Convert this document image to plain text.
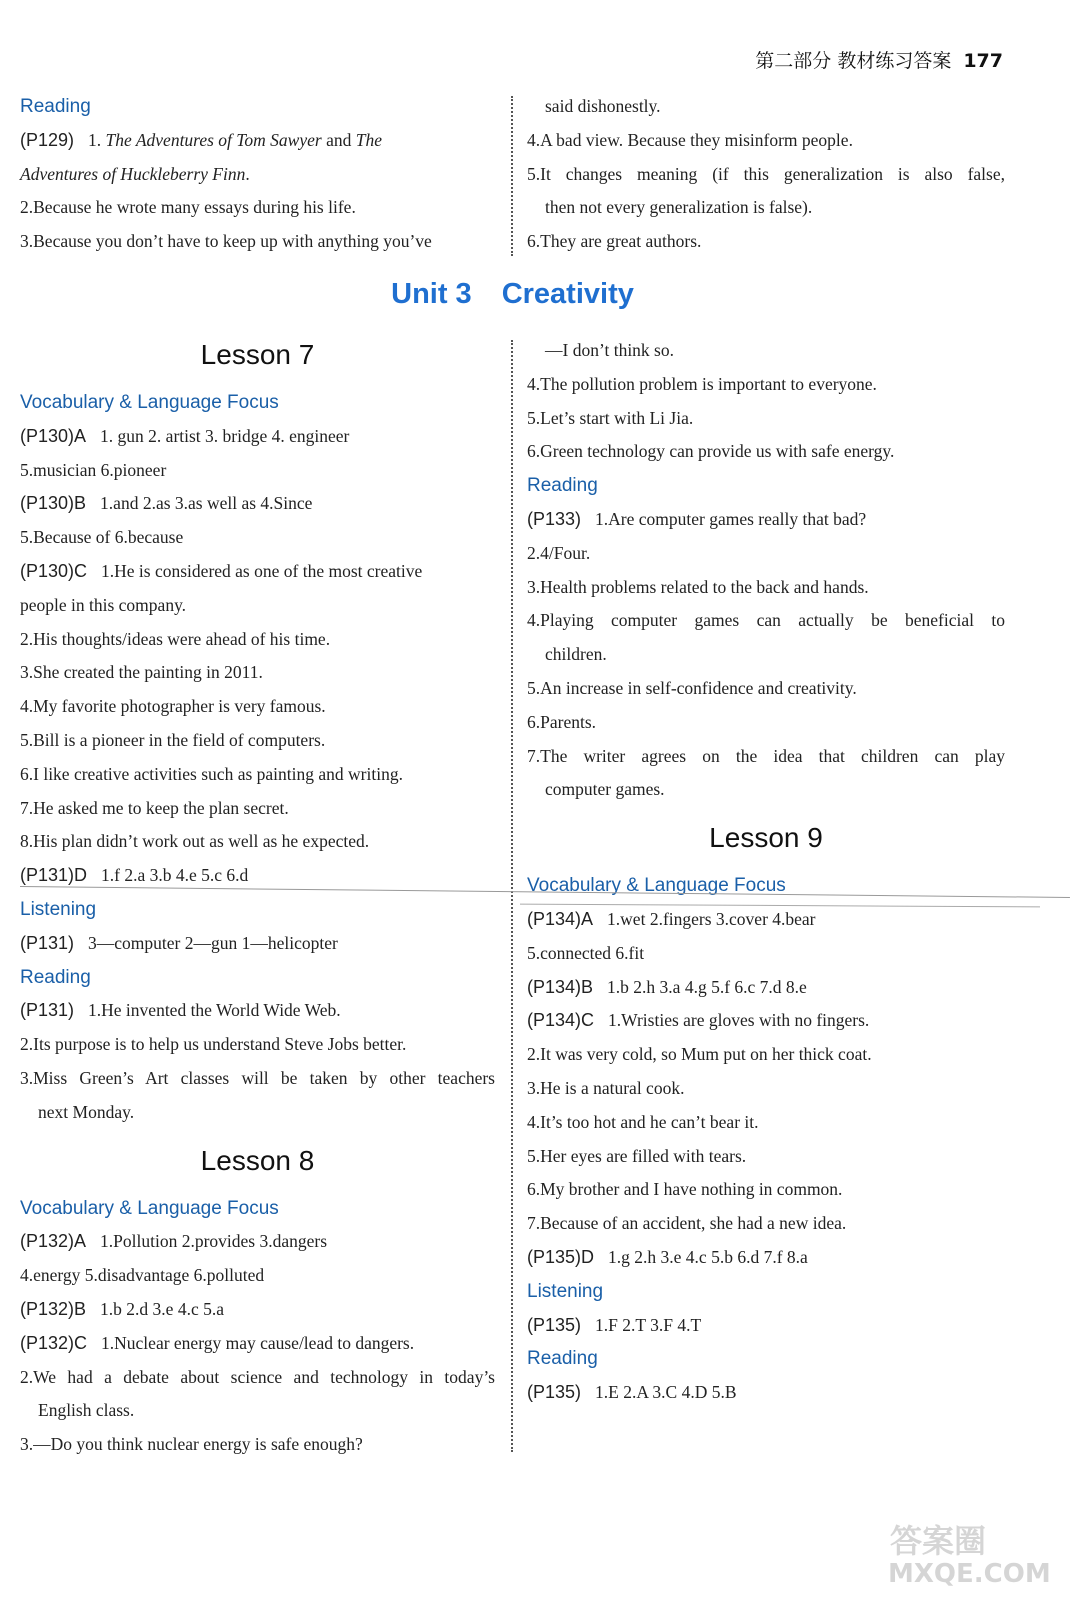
第二部分 教材练习答案 177
Reading
(P129) 1. The Adventures of Tom Sawyer and The
Adventures of Huckleberry Finn.
2.Because he wrote many essays during his life.
3.Because you don’t have to keep up with anything you’ve
said dishonestly.
4.A bad view. Because they misinform people.
5.It changes meaning (if this generalization is also false,
then not every generalization is false).
6.They are great authors.
Unit 3 Creativity
Lesson 7
Vocabulary & Language Focus
(P130)A 1. gun 2. artist 3. bridge 4. engineer
5.musician 6.pioneer
(P130)B 1.and 2.as 3.as well as 4.Since
5.Because of 6.because
(P130)C 1.He is considered as one of the most creative
people in this company.
2.His thoughts/ideas were ahead of his time.
3.She created the painting in 2011.
4.My favorite photographer is very famous.
5.Bill is a pioneer in the field of computers.
6.I like creative activities such as painting and writing.
7.He asked me to keep the plan secret.
8.His plan didn’t work out as well as he expected.
(P131)D 1.f 2.a 3.b 4.e 5.c 6.d
Listening
(P131) 3—computer 2—gun 1—helicopter
Reading
(P131) 1.He invented the World Wide Web.
2.Its purpose is to help us understand Steve Jobs better.
3.Miss Green’s Art classes will be taken by other teachers
next Monday.
Lesson 8
Vocabulary & Language Focus
(P132)A 1.Pollution 2.provides 3.dangers
4.energy 5.disadvantage 6.polluted
(P132)B 1.b 2.d 3.e 4.c 5.a
(P132)C 1.Nuclear energy may cause/lead to dangers.
2.We had a debate about science and technology in today’s
English class.
3.—Do you think nuclear energy is safe enough?
—I don’t think so.
4.The pollution problem is important to everyone.
5.Let’s start with Li Jia.
6.Green technology can provide us with safe energy.
Reading
(P133) 1.Are computer games really that bad?
2.4/Four.
3.Health problems related to the back and hands.
4.Playing computer games can actually be beneficial to
children.
5.An increase in self-confidence and creativity.
6.Parents.
7.The writer agrees on the idea that children can play
computer games.
Lesson 9
Vocabulary & Language Focus
(P134)A 1.wet 2.fingers 3.cover 4.bear
5.connected 6.fit
(P134)B 1.b 2.h 3.a 4.g 5.f 6.c 7.d 8.e
(P134)C 1.Wristies are gloves with no fingers.
2.It was very cold, so Mum put on her thick coat.
3.He is a natural cook.
4.It’s too hot and he can’t bear it.
5.Her eyes are filled with tears.
6.My brother and I have nothing in common.
7.Because of an accident, she had a new idea.
(P135)D 1.g 2.h 3.e 4.c 5.b 6.d 7.f 8.a
Listening
(P135) 1.F 2.T 3.F 4.T
Reading
(P135) 1.E 2.A 3.C 4.D 5.B
答案圈
MXQE.COM
